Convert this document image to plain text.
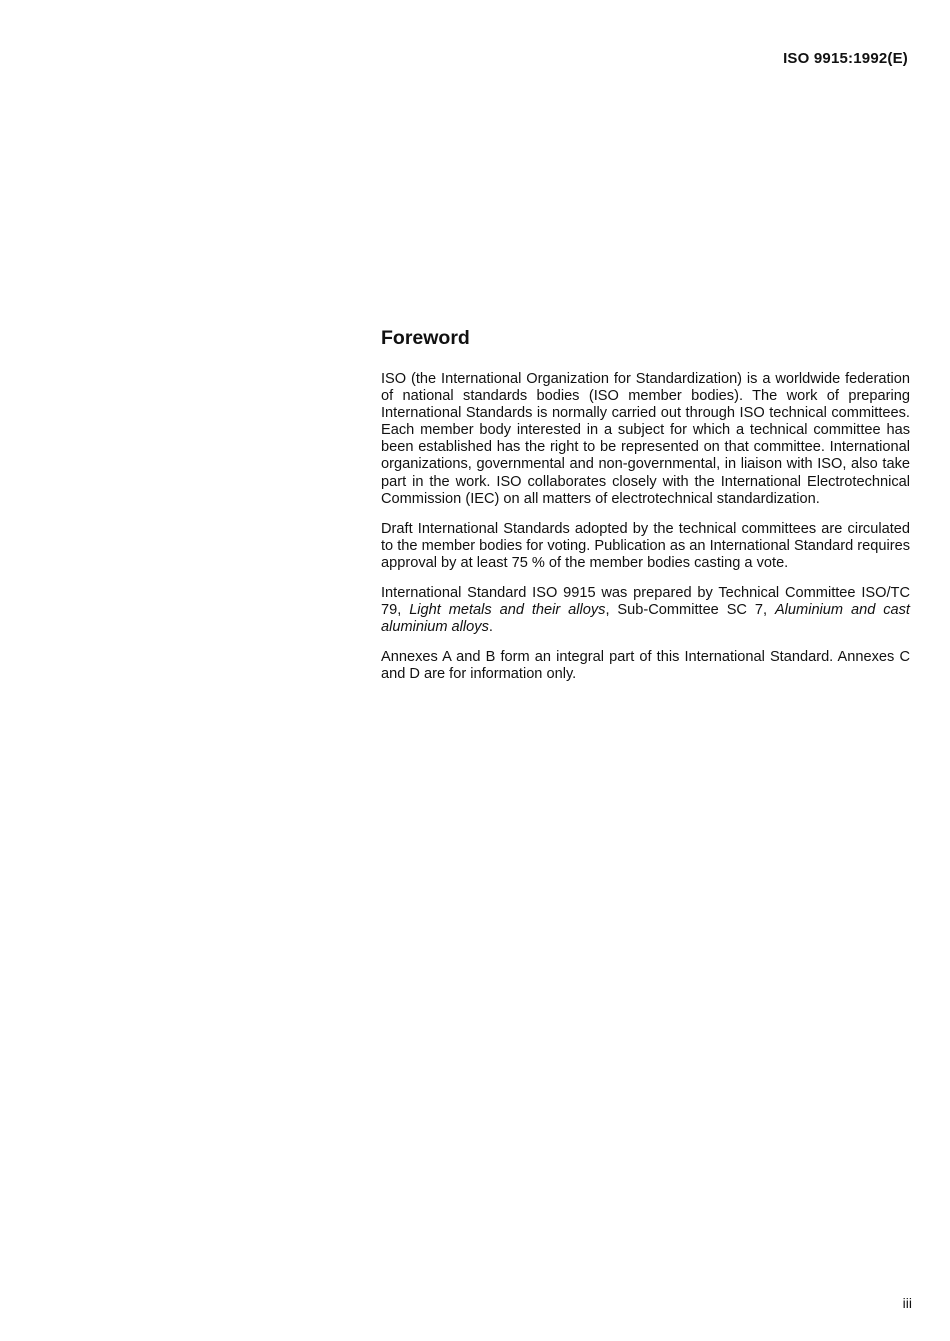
ISO 9915:1992(E)

Foreword

ISO (the International Organization for Standardization) is a worldwide federation of national standards bodies (ISO member bodies). The work of preparing International Standards is normally carried out through ISO technical committees. Each member body interested in a subject for which a technical committee has been established has the right to be represented on that committee. International organizations, governmental and non-governmental, in liaison with ISO, also take part in the work. ISO collaborates closely with the International Electrotechnical Commission (IEC) on all matters of electrotechnical standardization.

Draft International Standards adopted by the technical committees are circulated to the member bodies for voting. Publication as an International Standard requires approval by at least 75 % of the member bodies casting a vote.

International Standard ISO 9915 was prepared by Technical Committee ISO/TC 79, Light metals and their alloys, Sub-Committee SC 7, Aluminium and cast aluminium alloys.

Annexes A and B form an integral part of this International Standard. Annexes C and D are for information only.

iii
